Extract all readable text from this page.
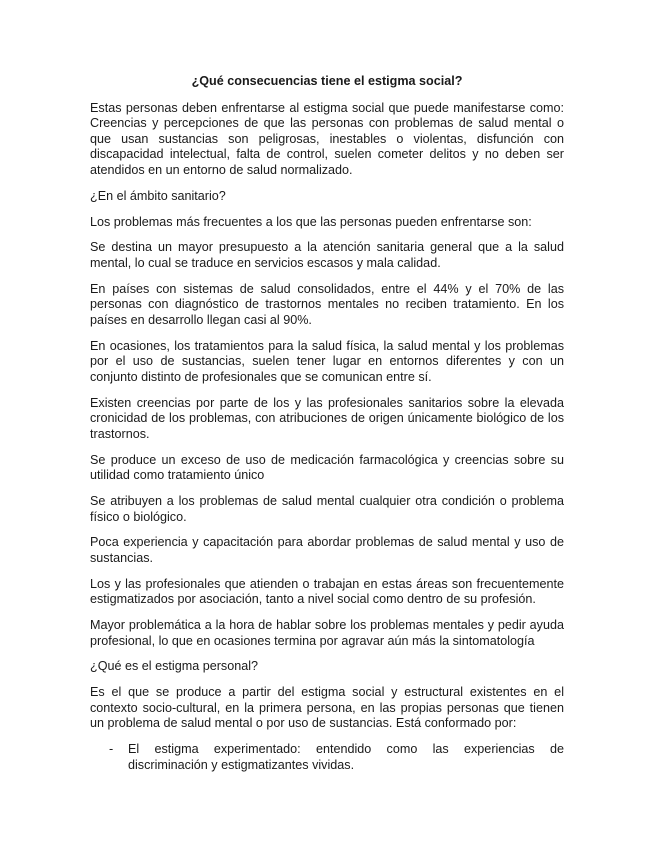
¿Qué consecuencias tiene el estigma social?

Estas personas deben enfrentarse al estigma social que puede manifestarse como: Creencias y percepciones de que las personas con problemas de salud mental o que usan sustancias son peligrosas, inestables o violentas, disfunción con discapacidad intelectual, falta de control, suelen cometer delitos y no deben ser atendidos en un entorno de salud normalizado.

¿En el ámbito sanitario?

Los problemas más frecuentes a los que las personas pueden enfrentarse son:

Se destina un mayor presupuesto a la atención sanitaria general que a la salud mental, lo cual se traduce en servicios escasos y mala calidad.

En países con sistemas de salud consolidados, entre el 44% y el 70% de las personas con diagnóstico de trastornos mentales no reciben tratamiento. En los países en desarrollo llegan casi al 90%.

En ocasiones, los tratamientos para la salud física, la salud mental y los problemas por el uso de sustancias, suelen tener lugar en entornos diferentes y con un conjunto distinto de profesionales que se comunican entre sí.

Existen creencias por parte de los y las profesionales sanitarios sobre la elevada cronicidad de los problemas, con atribuciones de origen únicamente biológico de los trastornos.

Se produce un exceso de uso de medicación farmacológica y creencias sobre su utilidad como tratamiento único

Se atribuyen a los problemas de salud mental cualquier otra condición o problema físico o biológico.

Poca experiencia y capacitación para abordar problemas de salud mental y uso de sustancias.

Los y las profesionales que atienden o trabajan en estas áreas son frecuentemente estigmatizados por asociación, tanto a nivel social como dentro de su profesión.

Mayor problemática a la hora de hablar sobre los problemas mentales y pedir ayuda profesional, lo que en ocasiones termina por agravar aún más la sintomatología

¿Qué es el estigma personal?

Es el que se produce a partir del estigma social y estructural existentes en el contexto socio-cultural, en la primera persona, en las propias personas que tienen un problema de salud mental o por uso de sustancias. Está conformado por:

- El estigma experimentado: entendido como las experiencias de discriminación y estigmatizantes vividas.
